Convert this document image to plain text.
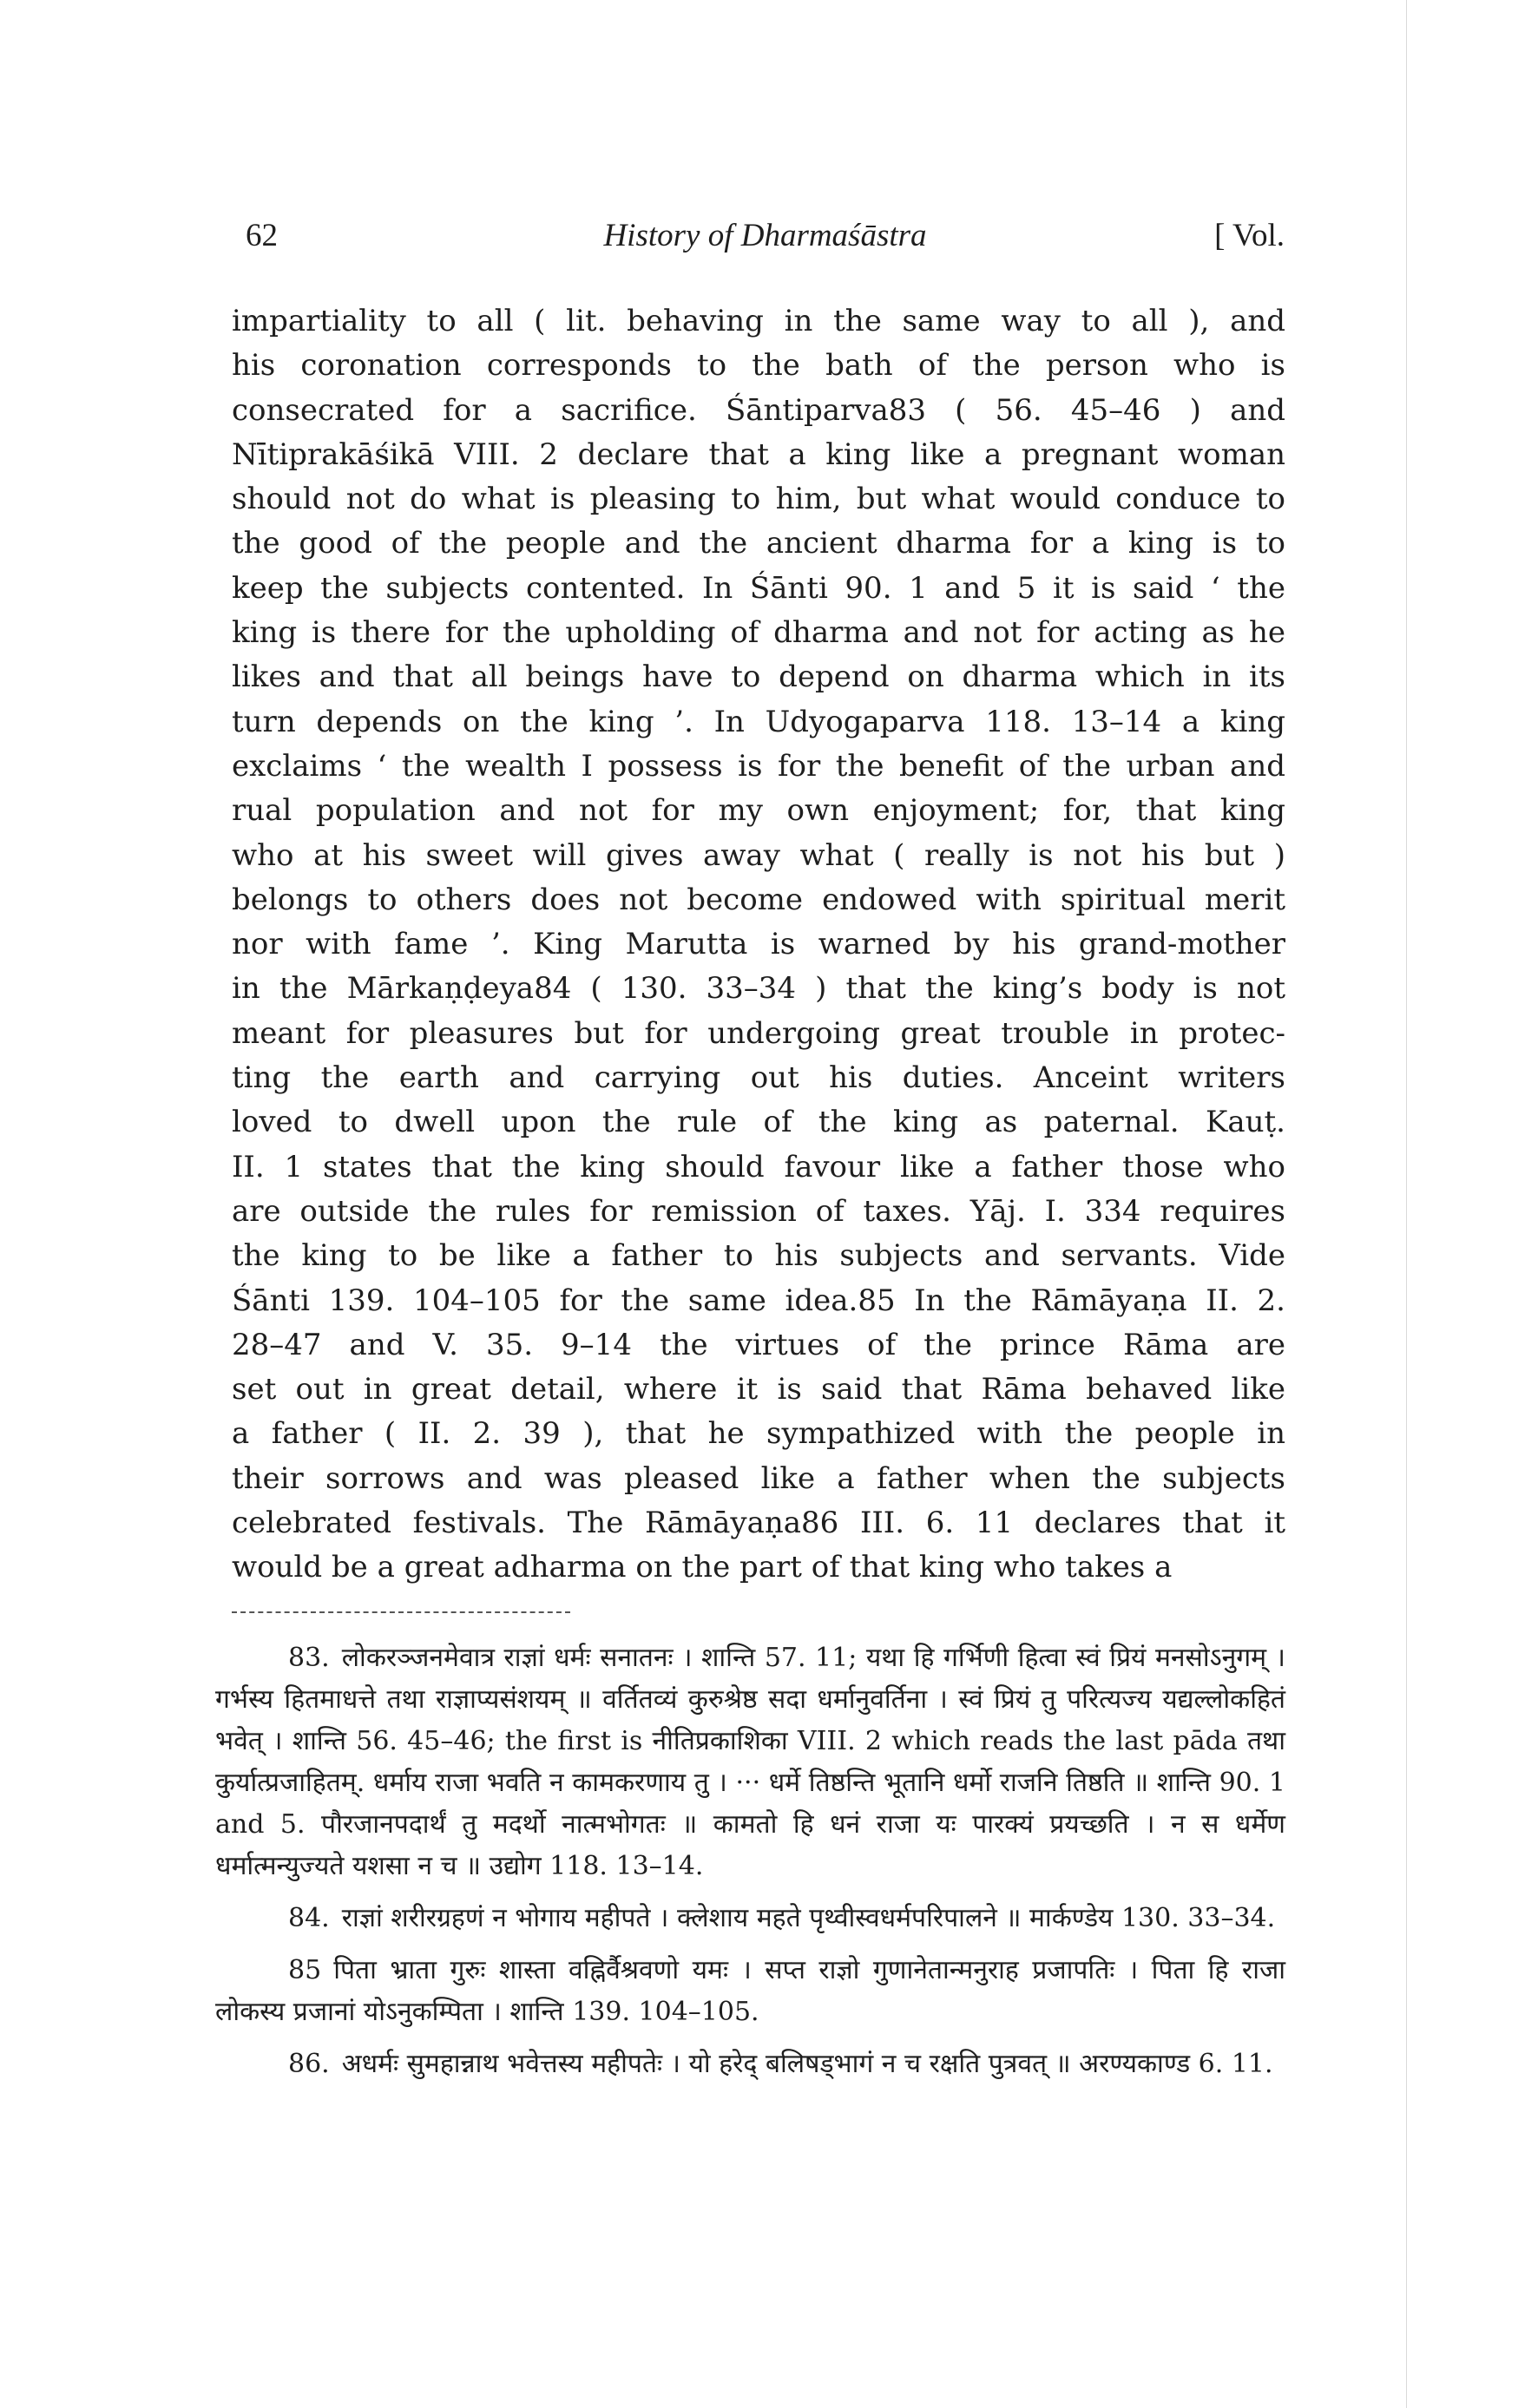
62	History of Dharmaśāstra	[ Vol.

impartiality to all ( lit. behaving in the same way to all ), and

his coronation corresponds to the bath of the person who is

consecrated for a sacrifice. Śāntiparva83 ( 56. 45–46 ) and

Nītiprakāśikā VIII. 2 declare that a king like a pregnant woman

should not do what is pleasing to him, but what would conduce to

the good of the people and the ancient dharma for a king is to

keep the subjects contented. In Śānti 90. 1 and 5 it is said ‘ the

king is there for the upholding of dharma and not for acting as he

likes and that all beings have to depend on dharma which in its

turn depends on the king ’. In Udyogaparva 118. 13–14 a king

exclaims ‘ the wealth I possess is for the benefit of the urban and

rual population and not for my own enjoyment; for, that king

who at his sweet will gives away what ( really is not his but )

belongs to others does not become endowed with spiritual merit

nor with fame ’. King Marutta is warned by his grand-mother

in the Mārkaṇḍeya84 ( 130. 33–34 ) that the king’s body is not

meant for pleasures but for undergoing great trouble in protec-

ting the earth and carrying out his duties. Anceint writers

loved to dwell upon the rule of the king as paternal. Kauṭ.

II. 1 states that the king should favour like a father those who

are outside the rules for remission of taxes. Yāj. I. 334 requires

the king to be like a father to his subjects and servants. Vide

Śānti 139. 104–105 for the same idea.85 In the Rāmāyaṇa II. 2.

28–47 and V. 35. 9–14 the virtues of the prince Rāma are

set out in great detail, where it is said that Rāma behaved like

a father ( II. 2. 39 ), that he sympathized with the people in

their sorrows and was pleased like a father when the subjects

celebrated festivals. The Rāmāyaṇa86 III. 6. 11 declares that it

would be a great adharma on the part of that king who takes a

83. लोकरञ्जनमेवात्र राज्ञां धर्मः सनातनः । शान्ति 57. 11; यथा हि गर्भिणी हित्वा स्वं प्रियं मनसोऽनुगम् । गर्भस्य हितमाधत्ते तथा राज्ञाप्यसंशयम् ॥ वर्तितव्यं कुरुश्रेष्ठ सदा धर्मानुवर्तिना । स्वं प्रियं तु परित्यज्य यद्यल्लोकहितं भवेत् । शान्ति 56. 45–46; the first is नीतिप्रकाशिका VIII. 2 which reads the last pāda तथा कुर्यात्प्रजाहितम्. धर्माय राजा भवति न कामकरणाय तु । ··· धर्मे तिष्ठन्ति भूतानि धर्मो राजनि तिष्ठति ॥ शान्ति 90. 1 and 5. पौरजानपदार्थं तु मदर्थो नात्मभोगतः ॥ कामतो हि धनं राजा यः पारक्यं प्रयच्छति । न स धर्मेण धर्मात्मन्युज्यते यशसा न च ॥ उद्योग 118. 13–14.

84. राज्ञां शरीरग्रहणं न भोगाय महीपते । क्लेशाय महते पृथ्वीस्वधर्मपरिपालने ॥ मार्कण्डेय 130. 33–34.

85 पिता भ्राता गुरुः शास्ता वह्निर्वैश्रवणो यमः । सप्त राज्ञो गुणानेतान्मनुराह प्रजापतिः । पिता हि राजा लोकस्य प्रजानां योऽनुकम्पिता । शान्ति 139. 104–105.

86. अधर्मः सुमहान्नाथ भवेत्तस्य महीपतेः । यो हरेद् बलिषड्भागं न च रक्षति पुत्रवत् ॥ अरण्यकाण्ड 6. 11.
